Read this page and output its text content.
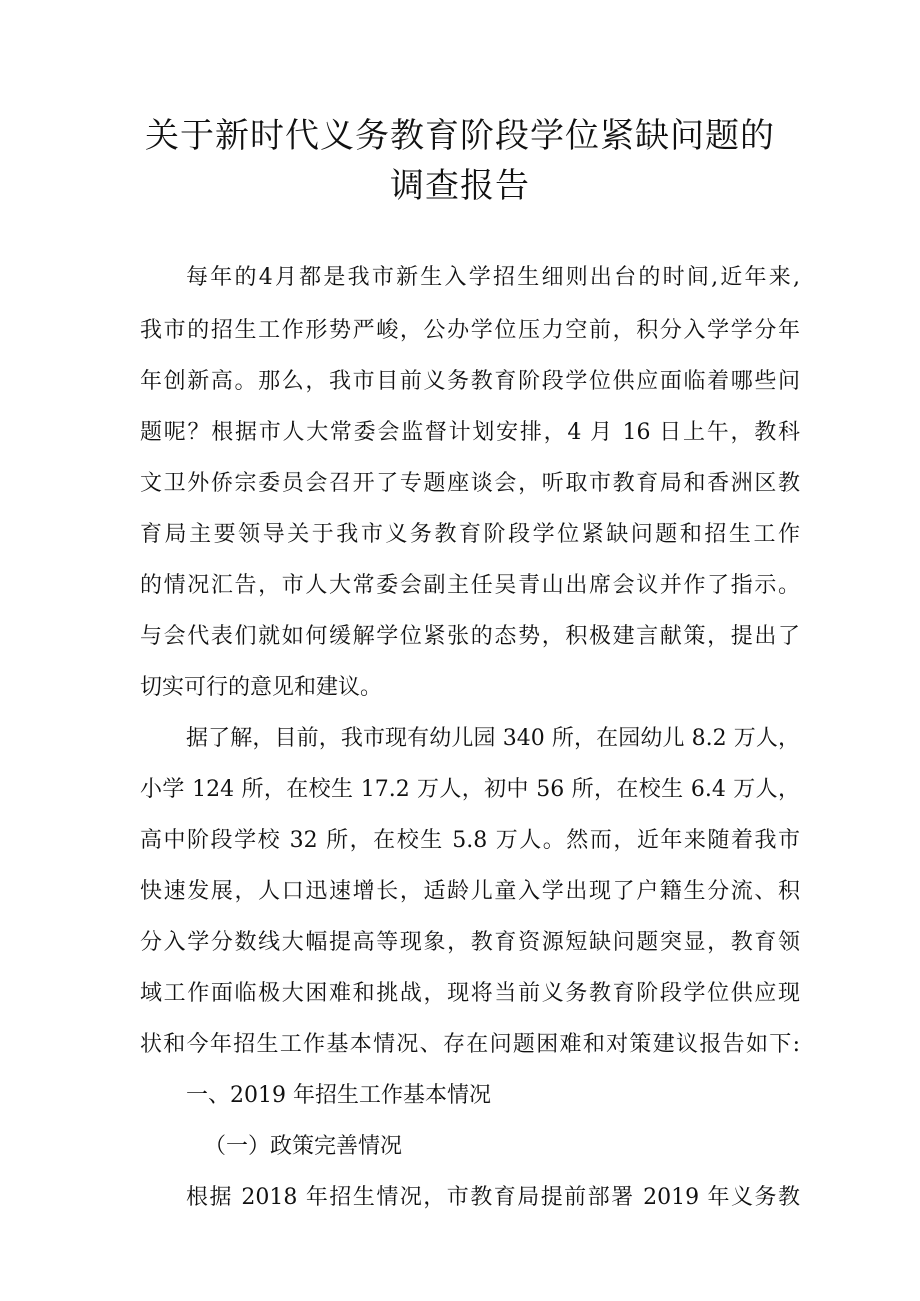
关于新时代义务教育阶段学位紧缺问题的
调查报告
每年的4月都是我市新生入学招生细则出台的时间,近年来,
我市的招生工作形势严峻，公办学位压力空前，积分入学学分年
年创新高。那么，我市目前义务教育阶段学位供应面临着哪些问
题呢？根据市人大常委会监督计划安排，4 月 16 日上午，教科
文卫外侨宗委员会召开了专题座谈会，听取市教育局和香洲区教
育局主要领导关于我市义务教育阶段学位紧缺问题和招生工作
的情况汇告，市人大常委会副主任吴青山出席会议并作了指示。
与会代表们就如何缓解学位紧张的态势，积极建言献策，提出了
切实可行的意见和建议。
据了解，目前，我市现有幼儿园 340 所，在园幼儿 8.2 万人，
小学 124 所，在校生 17.2 万人，初中 56 所，在校生 6.4 万人，
高中阶段学校 32 所，在校生 5.8 万人。然而，近年来随着我市
快速发展，人口迅速增长，适龄儿童入学出现了户籍生分流、积
分入学分数线大幅提高等现象，教育资源短缺问题突显，教育领
域工作面临极大困难和挑战，现将当前义务教育阶段学位供应现
状和今年招生工作基本情况、存在问题困难和对策建议报告如下:
一、2019 年招生工作基本情况
（一）政策完善情况
根据 2018 年招生情况，市教育局提前部署 2019 年义务教
